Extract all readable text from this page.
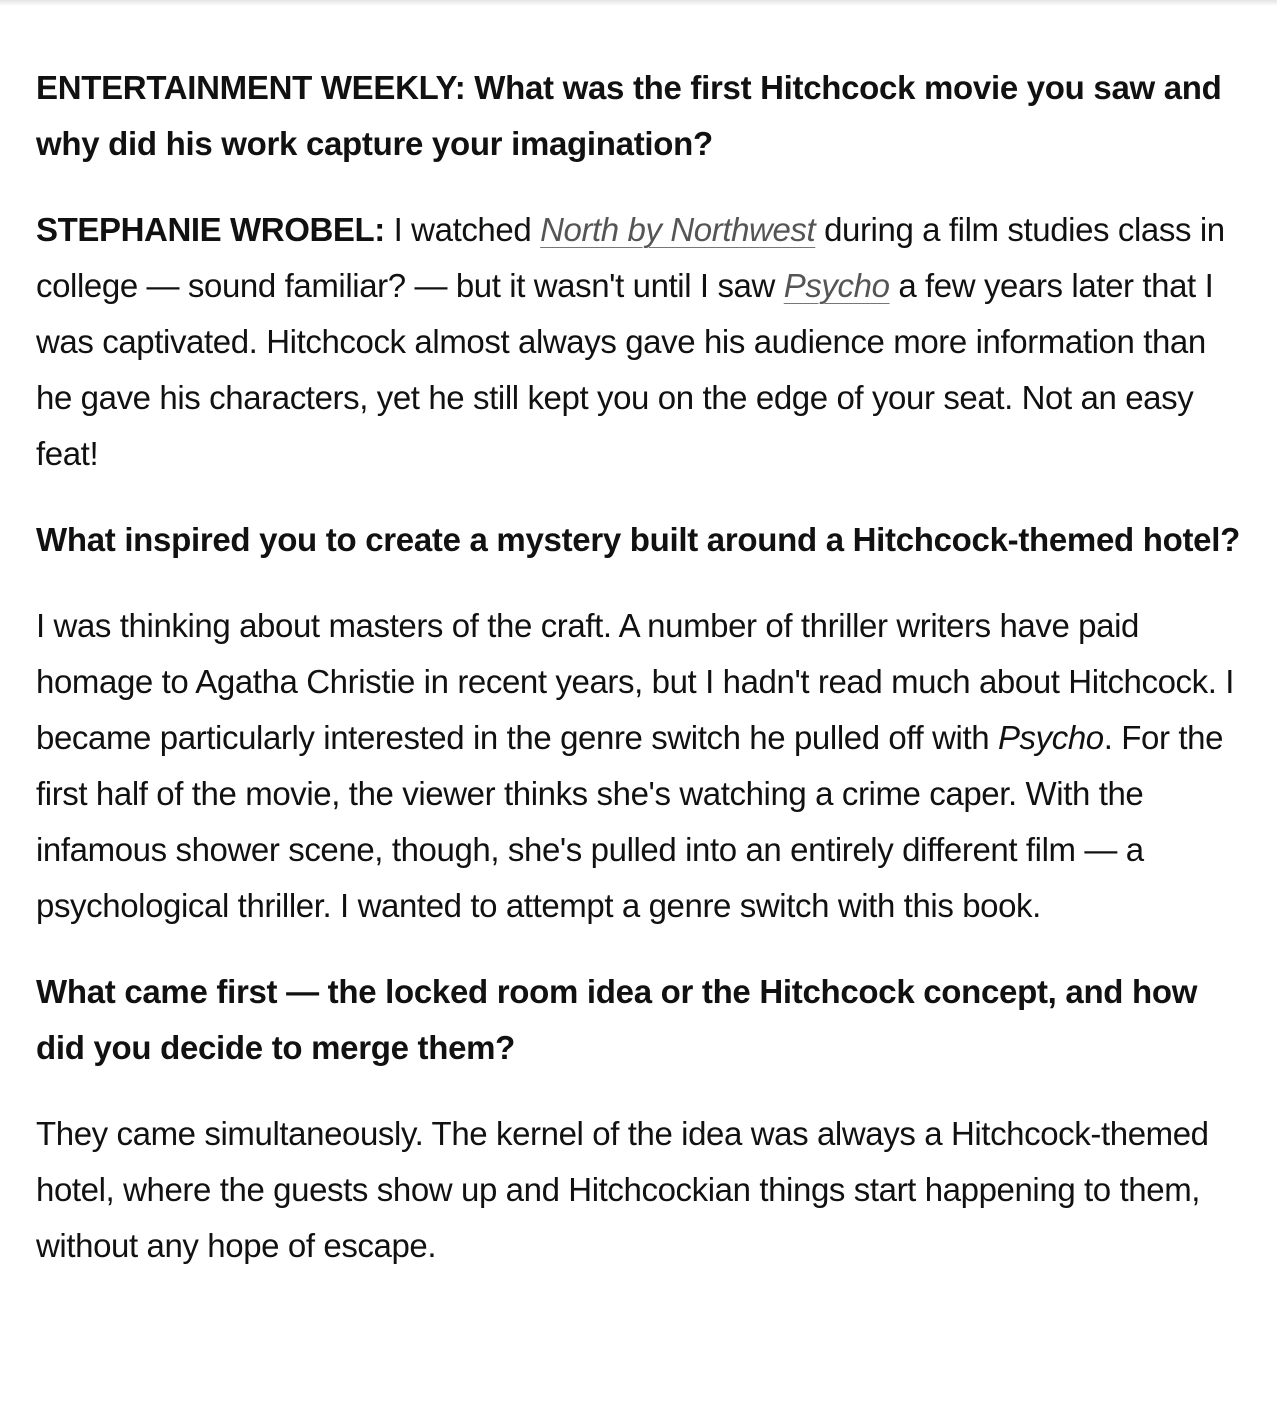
ENTERTAINMENT WEEKLY: What was the first Hitchcock movie you saw and why did his work capture your imagination?

STEPHANIE WROBEL: I watched North by Northwest during a film studies class in college — sound familiar? — but it wasn't until I saw Psycho a few years later that I was captivated. Hitchcock almost always gave his audience more information than he gave his characters, yet he still kept you on the edge of your seat. Not an easy feat!

What inspired you to create a mystery built around a Hitchcock-themed hotel?

I was thinking about masters of the craft. A number of thriller writers have paid homage to Agatha Christie in recent years, but I hadn't read much about Hitchcock. I became particularly interested in the genre switch he pulled off with Psycho. For the first half of the movie, the viewer thinks she's watching a crime caper. With the infamous shower scene, though, she's pulled into an entirely different film — a psychological thriller. I wanted to attempt a genre switch with this book.

What came first — the locked room idea or the Hitchcock concept, and how did you decide to merge them?

They came simultaneously. The kernel of the idea was always a Hitchcock-themed hotel, where the guests show up and Hitchcockian things start happening to them, without any hope of escape.
